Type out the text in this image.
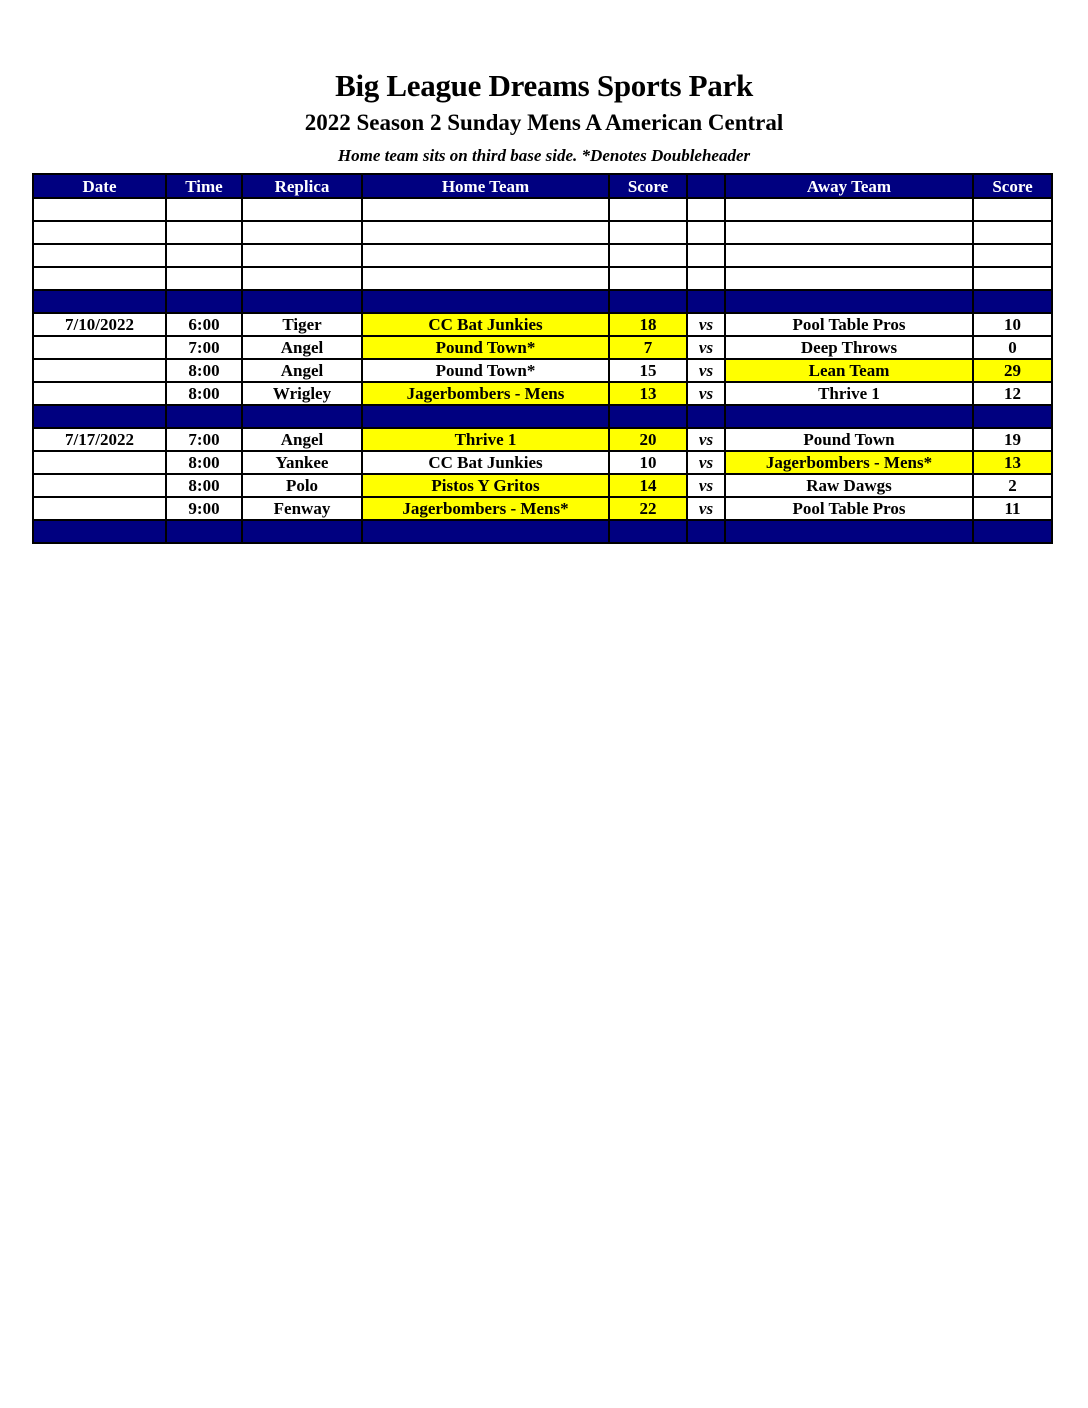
Big League Dreams Sports Park
2022 Season 2 Sunday Mens A American Central
Home team sits on third base side. *Denotes Doubleheader
Date	Time	Replica	Home Team	Score		Away Team	Score

7/10/2022	6:00	Tiger	CC Bat Junkies	18	vs	Pool Table Pros	10
	7:00	Angel	Pound Town*	7	vs	Deep Throws	0
	8:00	Angel	Pound Town*	15	vs	Lean Team	29
	8:00	Wrigley	Jagerbombers - Mens	13	vs	Thrive 1	12

7/17/2022	7:00	Angel	Thrive 1	20	vs	Pound Town	19
	8:00	Yankee	CC Bat Junkies	10	vs	Jagerbombers - Mens*	13
	8:00	Polo	Pistos Y Gritos	14	vs	Raw Dawgs	2
	9:00	Fenway	Jagerbombers - Mens*	22	vs	Pool Table Pros	11
